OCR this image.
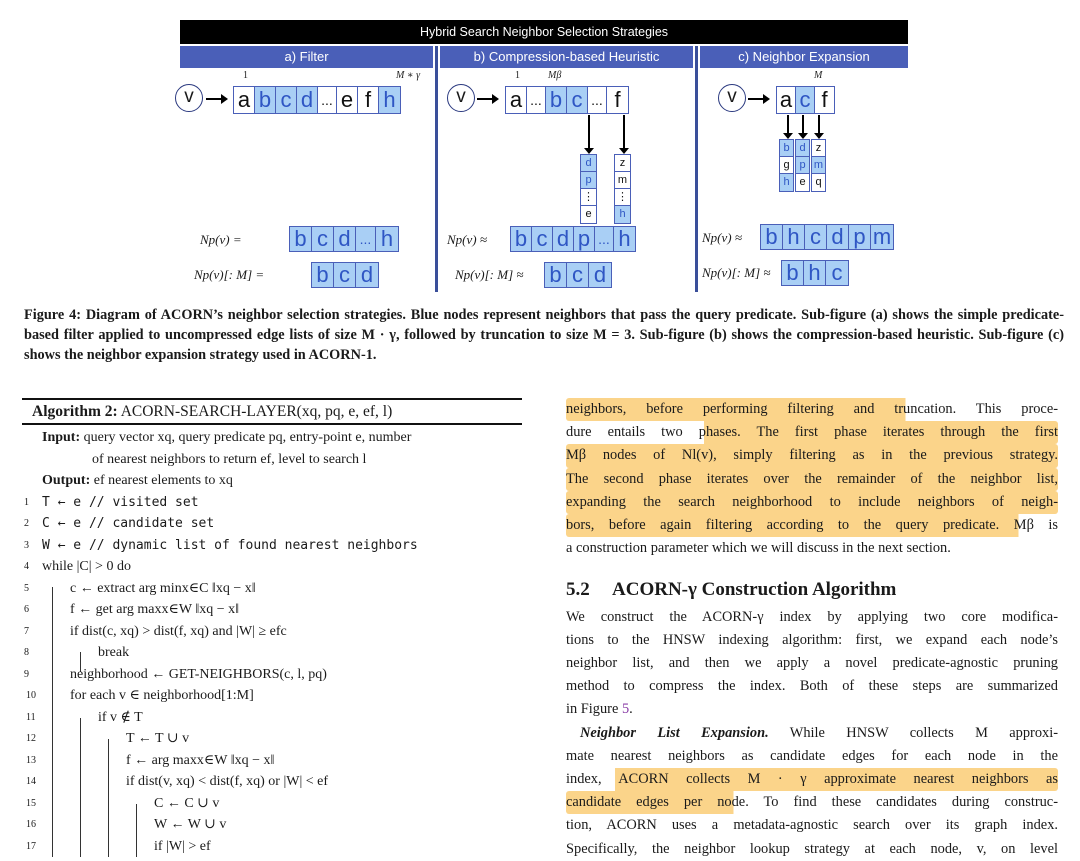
Hybrid Search Neighbor Selection Strategies
a) Filter	b) Compression-based Heuristic	c) Neighbor Expansion
v
1	M ∗ γ
a b c d ... e f h
Np(v) = b c d ... h
Np(v)[: M] = b c d
v
1	Mβ
a ... b c ... f
d
p
⋮
e
z
m
⋮
h
Np(v) ≈ b c d p ... h
Np(v)[: M] ≈ b c d
v
M
a c f
b
g
h
d
p
e
z
m
q
Np(v) ≈ b h c d p m
Np(v)[: M] ≈ b h c
Figure 4: Diagram of ACORN’s neighbor selection strategies. Blue nodes represent neighbors that pass the query predicate. Sub-figure (a) shows the simple predicate-based filter applied to uncompressed edge lists of size M · γ, followed by truncation to size M = 3. Sub-figure (b) shows the compression-based heuristic. Sub-figure (c) shows the neighbor expansion strategy used in ACORN-1.
Algorithm 2: ACORN-SEARCH-LAYER(xq, pq, e, ef, l)
Input: query vector xq, query predicate pq, entry-point e, number
of nearest neighbors to return ef, level to search l
Output: ef nearest elements to xq
1	T ← e // visited set
2	C ← e // candidate set
3	W ← e // dynamic list of found nearest neighbors
4 while |C| > 0 do
5	c ← extract arg minx∈C ‖xq − x‖
6	f ← get arg maxx∈W ‖xq − x‖
7	if dist(c, xq) > dist(f, xq) and |W| ≥ efc
8	break
9	neighborhood ← GET-NEIGHBORS(c, l, pq)
10	for each v ∈ neighborhood[1:M]
11	if v ∉ T
12	T ← T ∪ v
13	f ← arg maxx∈W ‖xq − x‖
14	if dist(v, xq) < dist(f, xq) or |W| < ef
15	C ← C ∪ v
16	W ← W ∪ v
17	if |W| > ef
neighbors, before performing filtering and truncation. This proce-
dure entails two phases. The first phase iterates through the first
Mβ nodes of Nl(v), simply filtering as in the previous strategy.
The second phase iterates over the remainder of the neighbor list,
expanding the search neighborhood to include neighbors of neigh-
bors, before again filtering according to the query predicate. Mβ is
a construction parameter which we will discuss in the next section.
5.2 ACORN-γ Construction Algorithm
We construct the ACORN-γ index by applying two core modifica-
tions to the HNSW indexing algorithm: first, we expand each node’s
neighbor list, and then we apply a novel predicate-agnostic pruning
method to compress the index. Both of these steps are summarized
in Figure 5.
Neighbor List Expansion. While HNSW collects M approxi-
mate nearest neighbors as candidate edges for each node in the
index, ACORN collects M · γ approximate nearest neighbors as
candidate edges per node. To find these candidates during construc-
tion, ACORN uses a metadata-agnostic search over its graph index.
Specifically, the neighbor lookup strategy at each node, v, on level
